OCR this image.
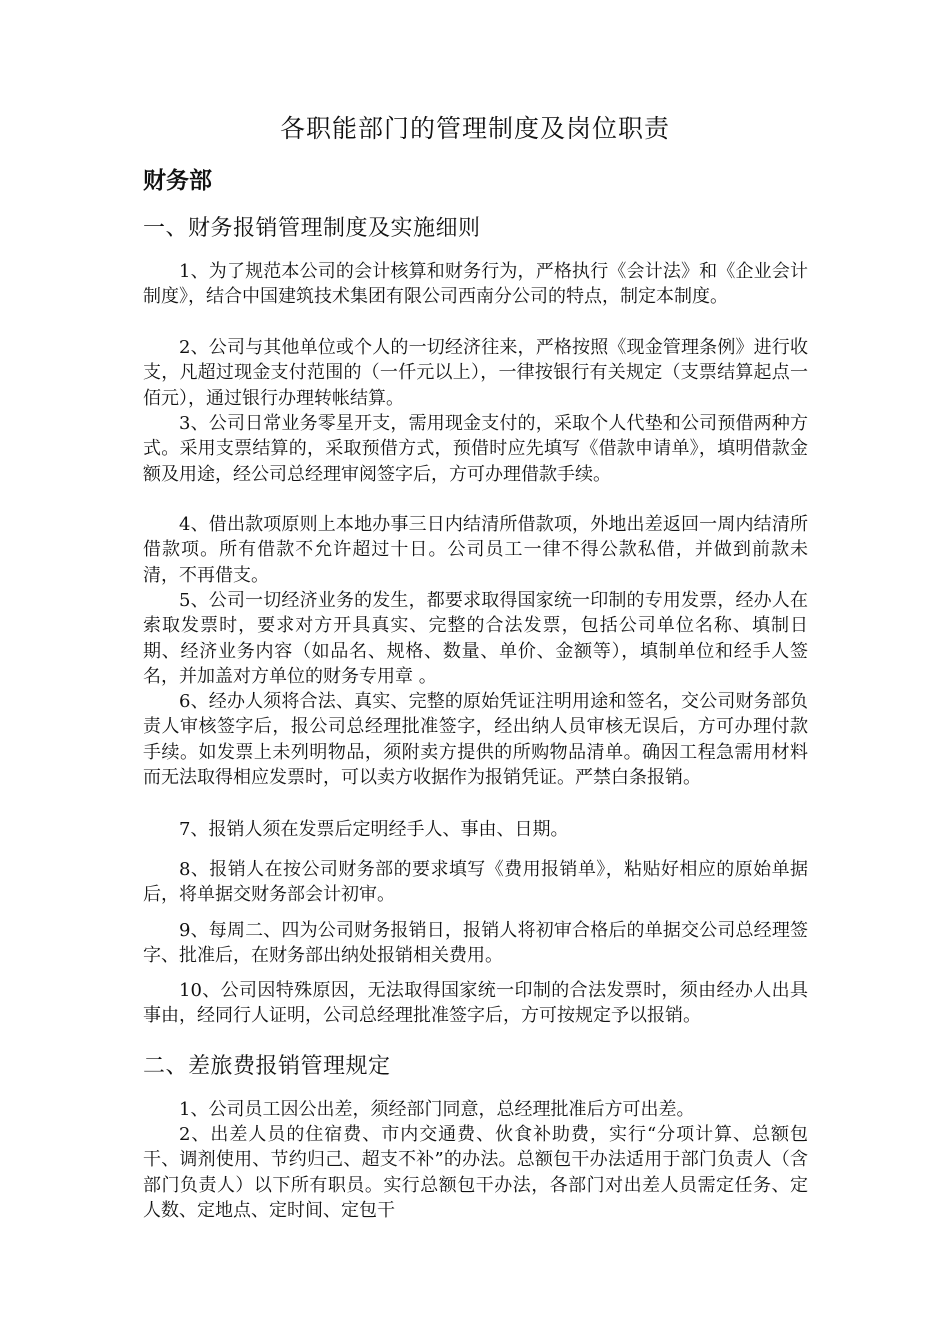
各职能部门的管理制度及岗位职责
财务部
一、财务报销管理制度及实施细则
1、为了规范本公司的会计核算和财务行为，严格执行《会计法》和《企业会计制度》，结合中国建筑技术集团有限公司西南分公司的特点，制定本制度。
2、公司与其他单位或个人的一切经济往来，严格按照《现金管理条例》进行收支，凡超过现金支付范围的（一仟元以上），一律按银行有关规定（支票结算起点一佰元），通过银行办理转帐结算。
3、公司日常业务零星开支，需用现金支付的，采取个人代垫和公司预借两种方式。采用支票结算的，采取预借方式，预借时应先填写《借款申请单》，填明借款金额及用途，经公司总经理审阅签字后，方可办理借款手续。
4、借出款项原则上本地办事三日内结清所借款项，外地出差返回一周内结清所借款项。所有借款不允许超过十日。公司员工一律不得公款私借，并做到前款未清，不再借支。
5、公司一切经济业务的发生，都要求取得国家统一印制的专用发票，经办人在索取发票时，要求对方开具真实、完整的合法发票，包括公司单位名称、填制日期、经济业务内容（如品名、规格、数量、单价、金额等），填制单位和经手人签名，并加盖对方单位的财务专用章 。
6、经办人须将合法、真实、完整的原始凭证注明用途和签名，交公司财务部负责人审核签字后，报公司总经理批准签字，经出纳人员审核无误后，方可办理付款手续。如发票上未列明物品，须附卖方提供的所购物品清单。确因工程急需用材料而无法取得相应发票时，可以卖方收据作为报销凭证。严禁白条报销。
7、报销人须在发票后定明经手人、事由、日期。
8、报销人在按公司财务部的要求填写《费用报销单》，粘贴好相应的原始单据后，将单据交财务部会计初审。
9、每周二、四为公司财务报销日，报销人将初审合格后的单据交公司总经理签字、批准后，在财务部出纳处报销相关费用。
10、公司因特殊原因，无法取得国家统一印制的合法发票时，须由经办人出具事由，经同行人证明，公司总经理批准签字后，方可按规定予以报销。
二、差旅费报销管理规定
1、公司员工因公出差，须经部门同意，总经理批准后方可出差。
2、出差人员的住宿费、市内交通费、伙食补助费，实行“分项计算、总额包干、调剂使用、节约归己、超支不补”的办法。总额包干办法适用于部门负责人（含部门负责人）以下所有职员。实行总额包干办法，各部门对出差人员需定任务、定人数、定地点、定时间、定包干
